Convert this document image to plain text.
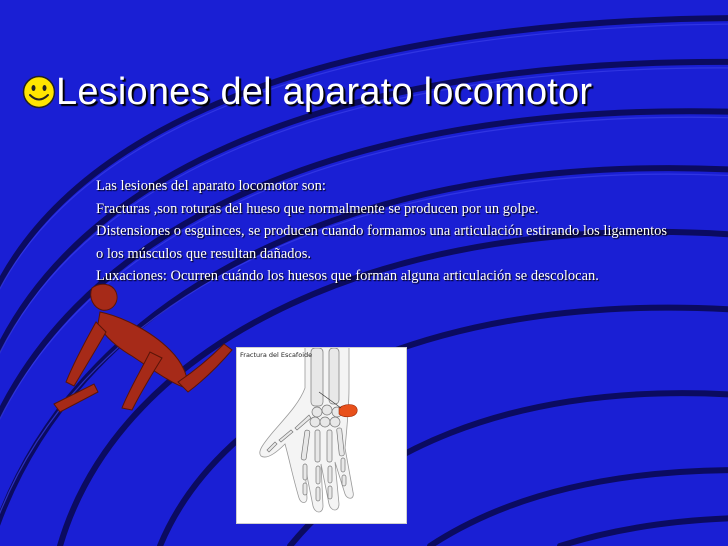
Lesiones del aparato locomotor

Las lesiones del aparato locomotor son:

Fracturas ,son roturas del hueso que normalmente se producen por un golpe.

Distensiones o esguinces, se producen cuando formamos una articulación estirando los ligamentos o los músculos que resultan dañados.

Luxaciones: Ocurren cuándo los huesos que forman alguna articulación se descolocan.

Fractura del Escafoide
